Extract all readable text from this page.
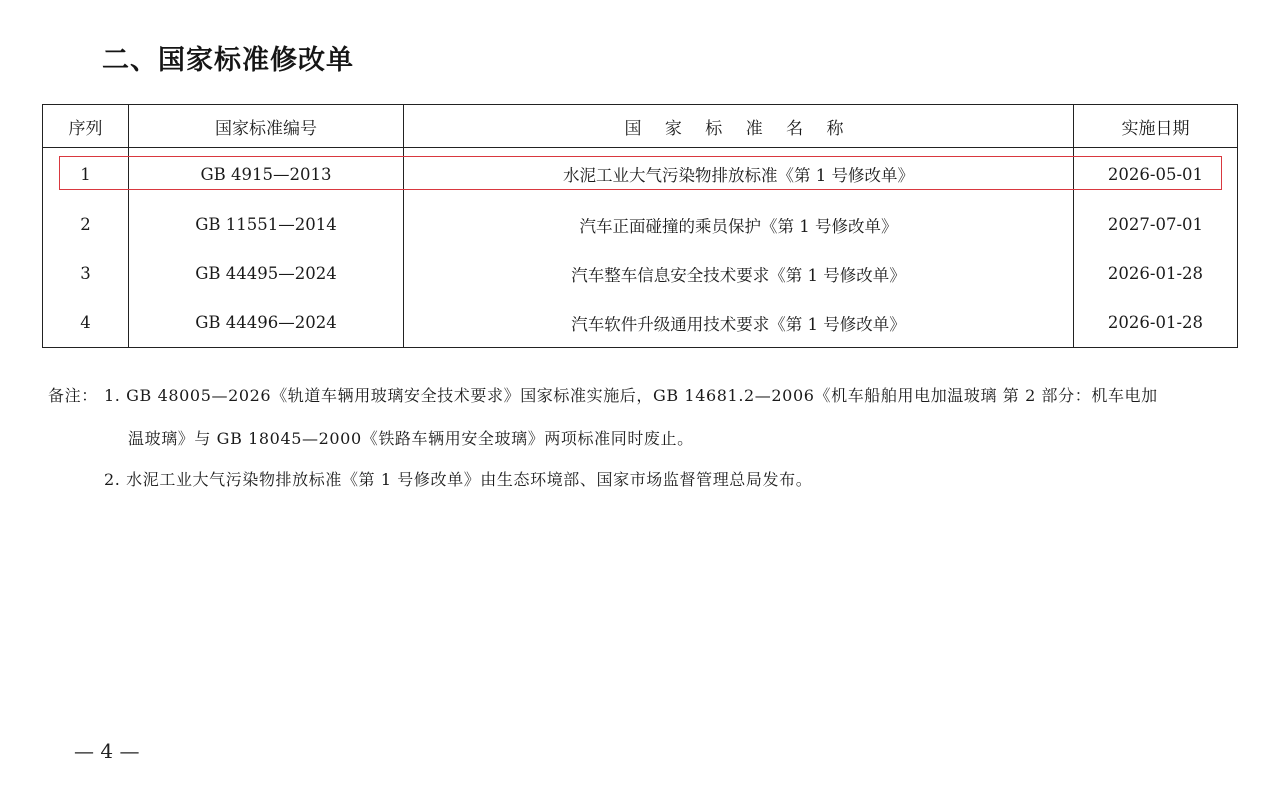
二、国家标准修改单
序列	国家标准编号	国 家 标 准 名 称	实施日期
1	GB 4915—2013	水泥工业大气污染物排放标准《第 1 号修改单》	2026-05-01
2	GB 11551—2014	汽车正面碰撞的乘员保护《第 1 号修改单》	2027-07-01
3	GB 44495—2024	汽车整车信息安全技术要求《第 1 号修改单》	2026-01-28
4	GB 44496—2024	汽车软件升级通用技术要求《第 1 号修改单》	2026-01-28
备注： 1. GB 48005—2026《轨道车辆用玻璃安全技术要求》国家标准实施后，GB 14681.2—2006《机车船舶用电加温玻璃 第 2 部分：机车电加
温玻璃》与 GB 18045—2000《铁路车辆用安全玻璃》两项标准同时废止。
2. 水泥工业大气污染物排放标准《第 1 号修改单》由生态环境部、国家市场监督管理总局发布。
— 4 —
